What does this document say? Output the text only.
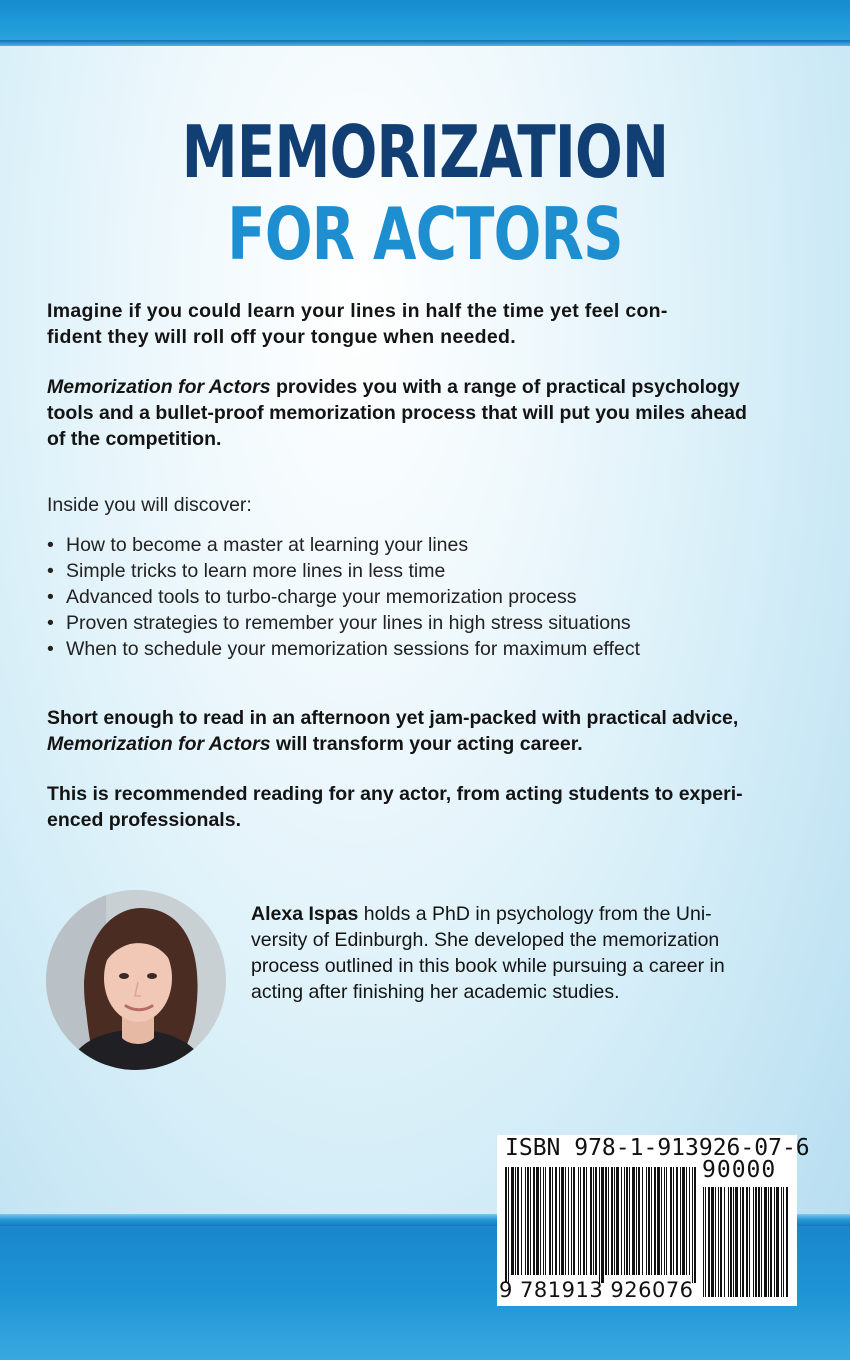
MEMORIZATION
FOR ACTORS
Imagine if you could learn your lines in half the time yet feel con-
fident they will roll off your tongue when needed.
Memorization for Actors provides you with a range of practical psychology
tools and a bullet-proof memorization process that will put you miles ahead
of the competition.
Inside you will discover:
• How to become a master at learning your lines
• Simple tricks to learn more lines in less time
• Advanced tools to turbo-charge your memorization process
• Proven strategies to remember your lines in high stress situations
• When to schedule your memorization sessions for maximum effect
Short enough to read in an afternoon yet jam-packed with practical advice,
Memorization for Actors will transform your acting career.
This is recommended reading for any actor, from acting students to experi-
enced professionals.
Alexa Ispas holds a PhD in psychology from the Uni-
versity of Edinburgh. She developed the memorization
process outlined in this book while pursuing a career in
acting after finishing her academic studies.
ISBN 978-1-913926-07-6
90000
9 781913 926076
